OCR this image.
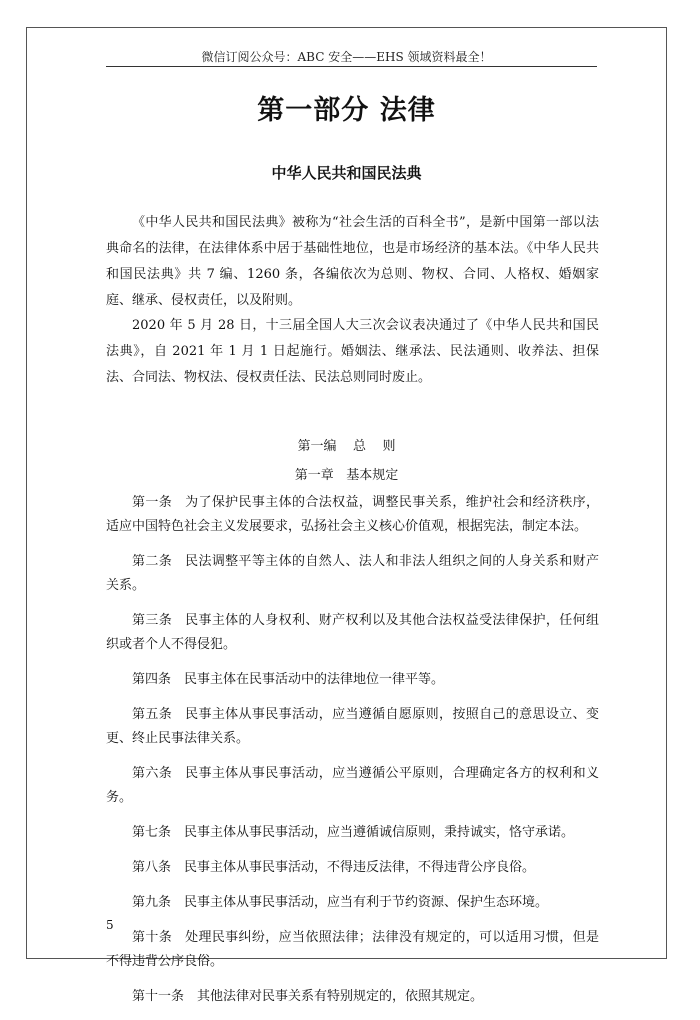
微信订阅公众号：ABC 安全——EHS 领域资料最全！
第一部分 法律
中华人民共和国民法典

《中华人民共和国民法典》被称为“社会生活的百科全书”，是新中国第一部以法典命名的法律，在法律体系中居于基础性地位，也是市场经济的基本法。《中华人民共和国民法典》共 7 编、1260 条，各编依次为总则、物权、合同、人格权、婚姻家庭、继承、侵权责任，以及附则。

2020 年 5 月 28 日，十三届全国人大三次会议表决通过了《中华人民共和国民法典》，自 2021 年 1 月 1 日起施行。婚姻法、继承法、民法通则、收养法、担保法、合同法、物权法、侵权责任法、民法总则同时废止。

第一编    总    则
第一章   基本规定

第一条 为了保护民事主体的合法权益，调整民事关系，维护社会和经济秩序，适应中国特色社会主义发展要求，弘扬社会主义核心价值观，根据宪法，制定本法。

第二条 民法调整平等主体的自然人、法人和非法人组织之间的人身关系和财产关系。

第三条 民事主体的人身权利、财产权利以及其他合法权益受法律保护，任何组织或者个人不得侵犯。

第四条 民事主体在民事活动中的法律地位一律平等。

第五条 民事主体从事民事活动，应当遵循自愿原则，按照自己的意思设立、变更、终止民事法律关系。

第六条 民事主体从事民事活动，应当遵循公平原则，合理确定各方的权利和义务。

第七条 民事主体从事民事活动，应当遵循诚信原则，秉持诚实，恪守承诺。

第八条 民事主体从事民事活动，不得违反法律，不得违背公序良俗。

第九条 民事主体从事民事活动，应当有利于节约资源、保护生态环境。

第十条 处理民事纠纷，应当依照法律；法律没有规定的，可以适用习惯，但是不得违背公序良俗。

第十一条 其他法律对民事关系有特别规定的，依照其规定。

5
